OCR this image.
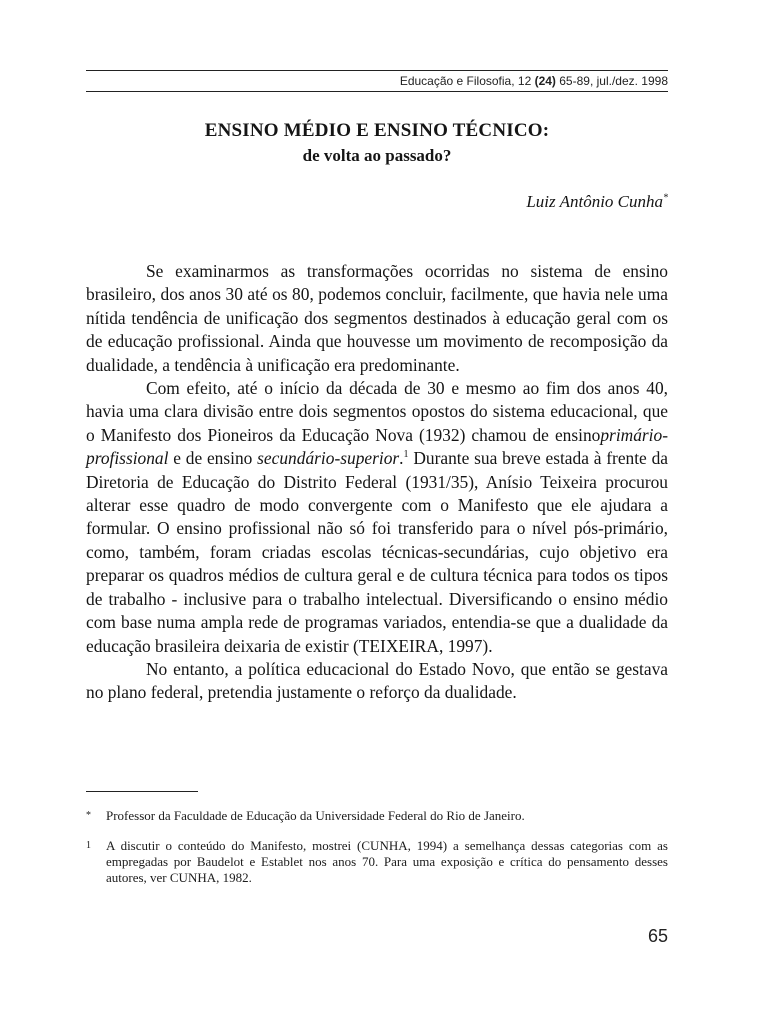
Educação e Filosofia, 12 (24) 65-89, jul./dez. 1998
ENSINO MÉDIO E ENSINO TÉCNICO:
de volta ao passado?
Luiz Antônio Cunha*

Se examinarmos as transformações ocorridas no sistema de ensino brasileiro, dos anos 30 até os 80, podemos concluir, facilmente, que havia nele uma nítida tendência de unificação dos segmentos destinados à educação geral com os de educação profissional. Ainda que houvesse um movimento de recomposição da dualidade, a tendência à unificação era predominante.

Com efeito, até o início da década de 30 e mesmo ao fim dos anos 40, havia uma clara divisão entre dois segmentos opostos do sistema educacional, que o Manifesto dos Pioneiros da Educação Nova (1932) chamou de ensinoprimário-profissional e de ensino secundário-superior.$^1$ Durante sua breve estada à frente da Diretoria de Educação do Distrito Federal (1931/35), Anísio Teixeira procurou alterar esse quadro de modo convergente com o Manifesto que ele ajudara a formular. O ensino profissional não só foi transferido para o nível pós-primário, como, também, foram criadas escolas técnicas-secundárias, cujo objetivo era preparar os quadros médios de cultura geral e de cultura técnica para todos os tipos de trabalho - inclusive para o trabalho intelectual. Diversificando o ensino médio com base numa ampla rede de programas variados, entendia-se que a dualidade da educação brasileira deixaria de existir (TEIXEIRA, 1997).

No entanto, a política educacional do Estado Novo, que então se gestava no plano federal, pretendia justamente o reforço da dualidade.

* Professor da Faculdade de Educação da Universidade Federal do Rio de Janeiro.
1 A discutir o conteúdo do Manifesto, mostrei (CUNHA, 1994) a semelhança dessas categorias com as empregadas por Baudelot e Establet nos anos 70. Para uma exposição e crítica do pensamento desses autores, ver CUNHA, 1982.
65
